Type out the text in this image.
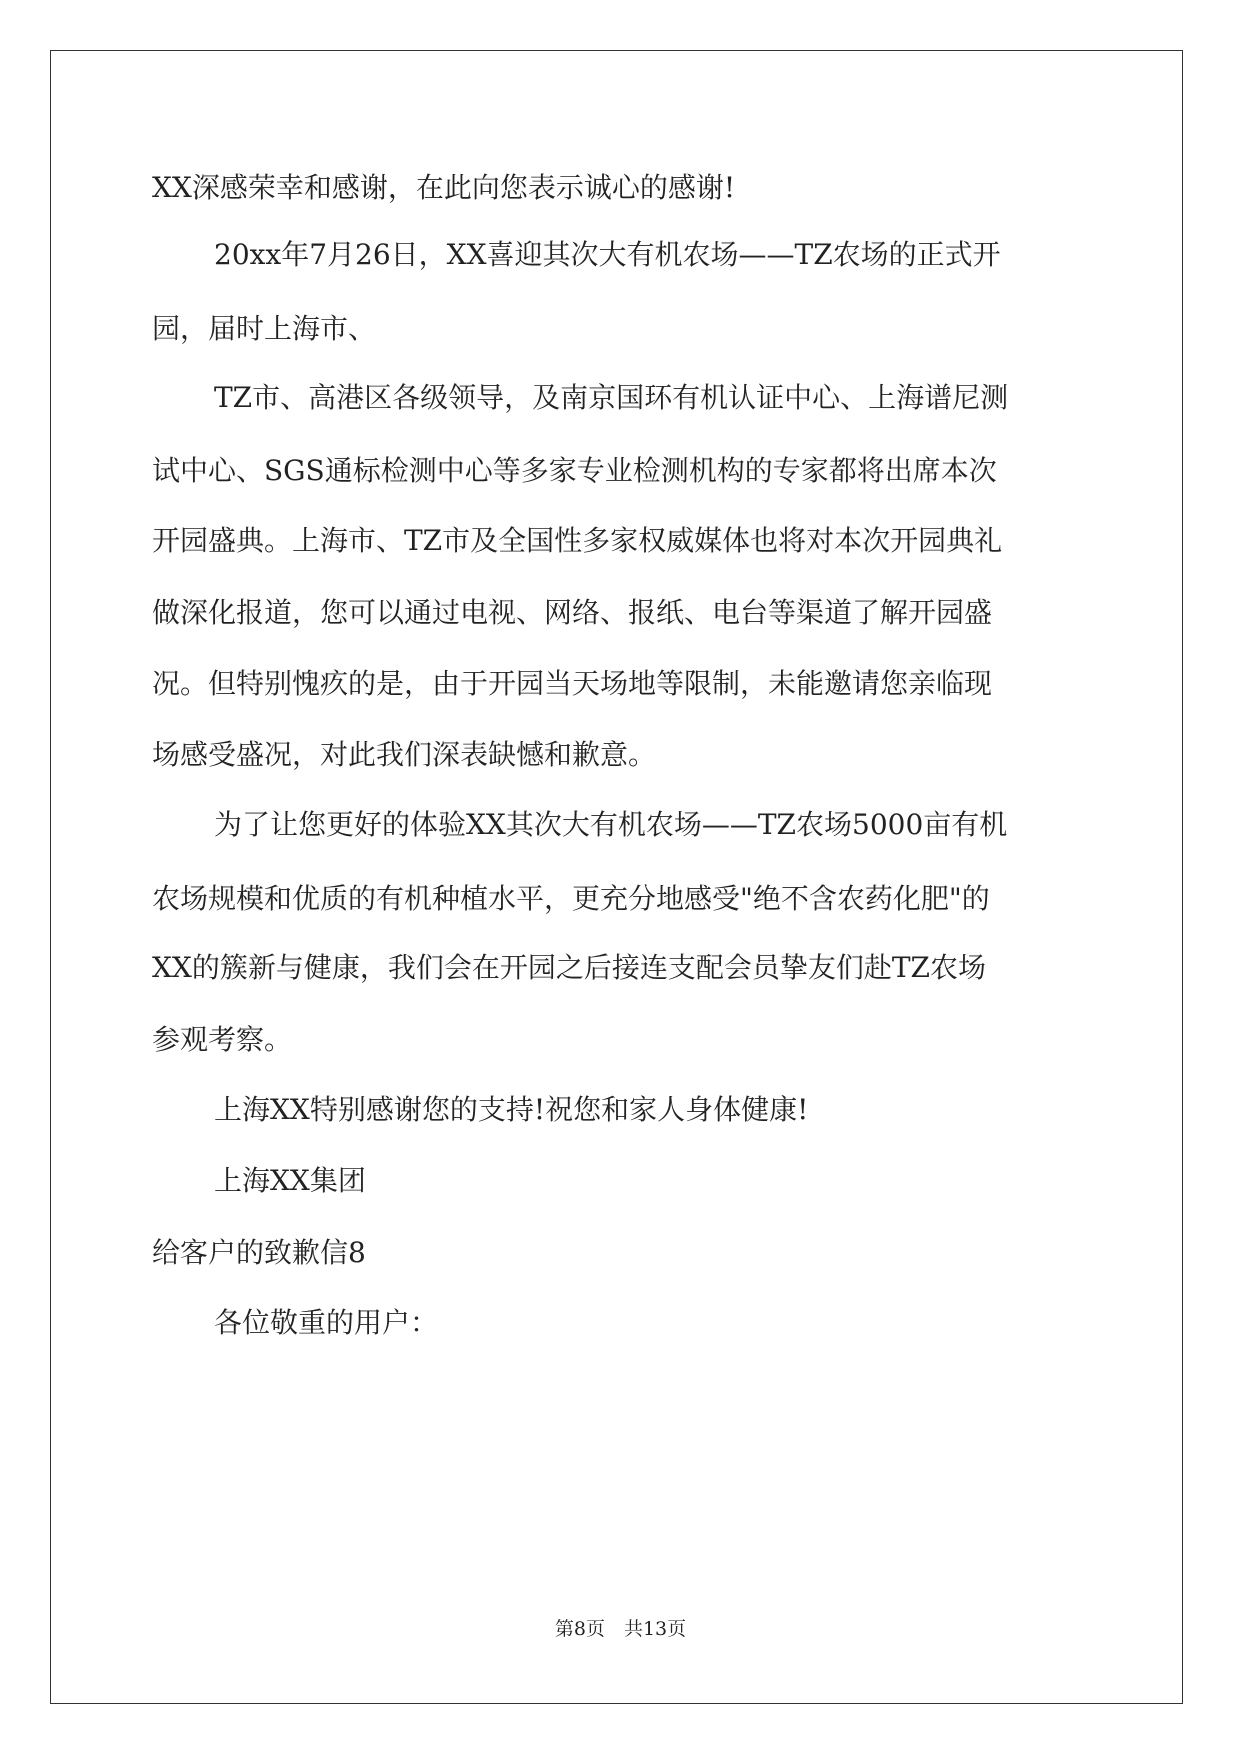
XX深感荣幸和感谢，在此向您表示诚心的感谢!
20xx年7月26日，XX喜迎其次大有机农场——TZ农场的正式开
园，届时上海市、
TZ市、高港区各级领导，及南京国环有机认证中心、上海谱尼测
试中心、SGS通标检测中心等多家专业检测机构的专家都将出席本次
开园盛典。上海市、TZ市及全国性多家权威媒体也将对本次开园典礼
做深化报道，您可以通过电视、网络、报纸、电台等渠道了解开园盛
况。但特别愧疚的是，由于开园当天场地等限制，未能邀请您亲临现
场感受盛况，对此我们深表缺憾和歉意。
为了让您更好的体验XX其次大有机农场——TZ农场5000亩有机
农场规模和优质的有机种植水平，更充分地感受"绝不含农药化肥"的
XX的簇新与健康，我们会在开园之后接连支配会员挚友们赴TZ农场
参观考察。
上海XX特别感谢您的支持!祝您和家人身体健康!
上海XX集团
给客户的致歉信8
各位敬重的用户：
第8页　共13页
